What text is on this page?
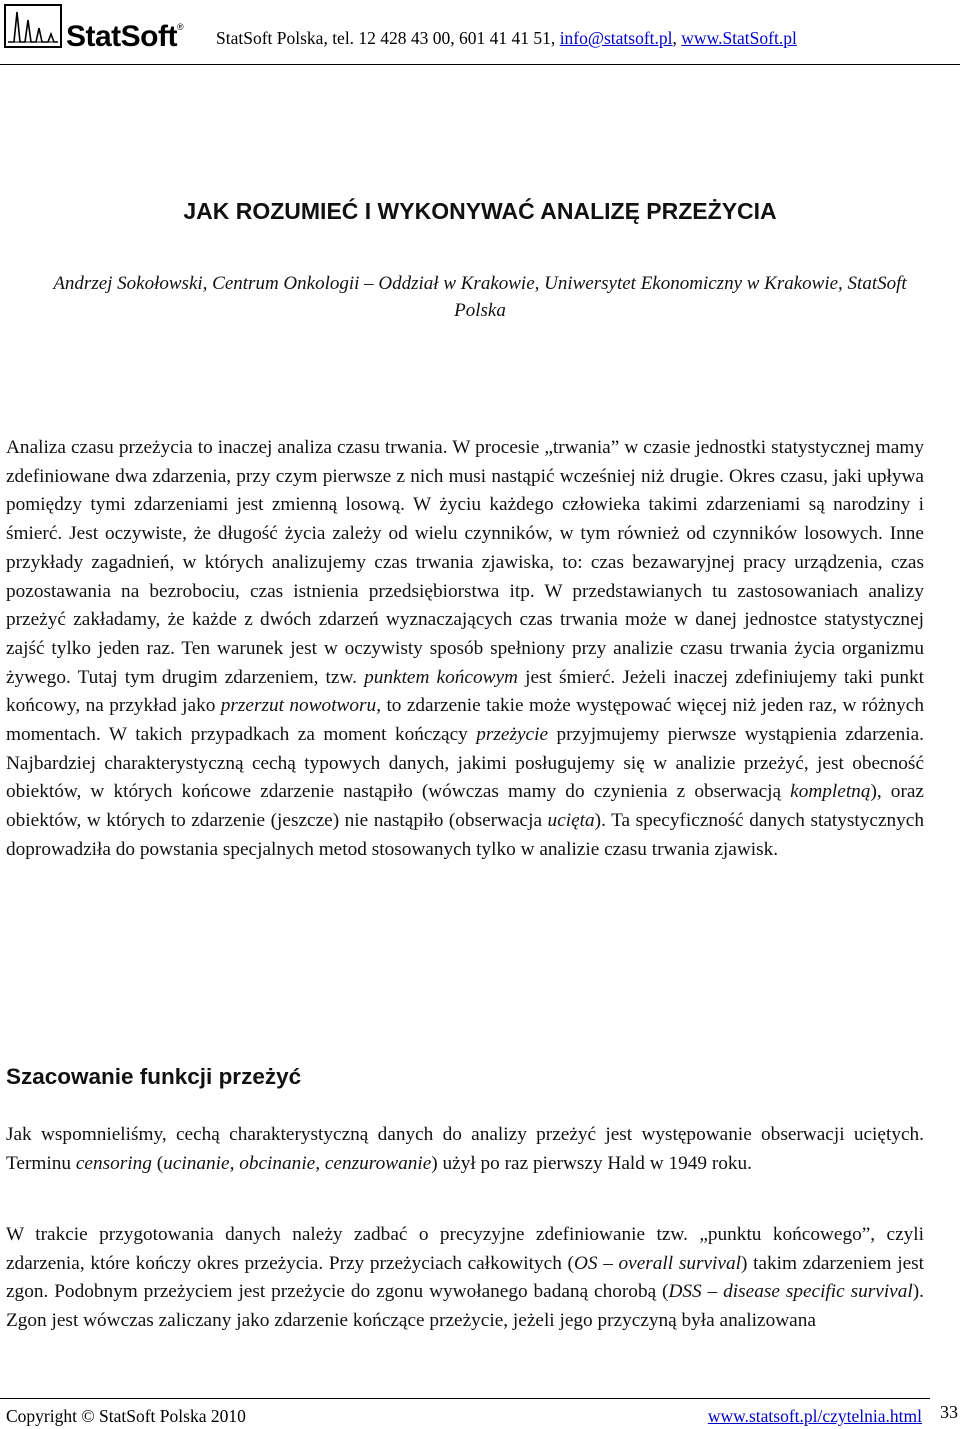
StatSoft®
StatSoft Polska, tel. 12 428 43 00, 601 41 41 51, info@statsoft.pl, www.StatSoft.pl
JAK ROZUMIEĆ I WYKONYWAĆ ANALIZĘ PRZEŻYCIA

Andrzej Sokołowski, Centrum Onkologii – Oddział w Krakowie, Uniwersytet Ekonomiczny w Krakowie, StatSoft Polska

Analiza czasu przeżycia to inaczej analiza czasu trwania. W procesie „trwania” w czasie jednostki statystycznej mamy zdefiniowane dwa zdarzenia, przy czym pierwsze z nich musi nastąpić wcześniej niż drugie. Okres czasu, jaki upływa pomiędzy tymi zdarzeniami jest zmienną losową. W życiu każdego człowieka takimi zdarzeniami są narodziny i śmierć. Jest oczywiste, że długość życia zależy od wielu czynników, w tym również od czynników losowych. Inne przykłady zagadnień, w których analizujemy czas trwania zjawiska, to: czas bezawaryjnej pracy urządzenia, czas pozostawania na bezrobociu, czas istnienia przedsiębiorstwa itp. W przedstawianych tu zastosowaniach analizy przeżyć zakładamy, że każde z dwóch zdarzeń wyznaczających czas trwania może w danej jednostce statystycznej zajść tylko jeden raz. Ten warunek jest w oczywisty sposób spełniony przy analizie czasu trwania życia organizmu żywego. Tutaj tym drugim zdarzeniem, tzw. punktem końcowym jest śmierć. Jeżeli inaczej zdefiniujemy taki punkt końcowy, na przykład jako przerzut nowotworu, to zdarzenie takie może występować więcej niż jeden raz, w różnych momentach. W takich przypadkach za moment kończący przeżycie przyjmujemy pierwsze wystąpienia zdarzenia. Najbardziej charakterystyczną cechą typowych danych, jakimi posługujemy się w analizie przeżyć, jest obecność obiektów, w których końcowe zdarzenie nastąpiło (wówczas mamy do czynienia z obserwacją kompletną), oraz obiektów, w których to zdarzenie (jeszcze) nie nastąpiło (obserwacja ucięta). Ta specyficzność danych statystycznych doprowadziła do powstania specjalnych metod stosowanych tylko w analizie czasu trwania zjawisk.

Szacowanie funkcji przeżyć

Jak wspomnieliśmy, cechą charakterystyczną danych do analizy przeżyć jest występowanie obserwacji uciętych. Terminu censoring (ucinanie, obcinanie, cenzurowanie) użył po raz pierwszy Hald w 1949 roku.

W trakcie przygotowania danych należy zadbać o precyzyjne zdefiniowanie tzw. „punktu końcowego”, czyli zdarzenia, które kończy okres przeżycia. Przy przeżyciach całkowitych (OS – overall survival) takim zdarzeniem jest zgon. Podobnym przeżyciem jest przeżycie do zgonu wywołanego badaną chorobą (DSS – disease specific survival). Zgon jest wówczas zaliczany jako zdarzenie kończące przeżycie, jeżeli jego przyczyną była analizowana

Copyright © StatSoft Polska 2010	www.statsoft.pl/czytelnia.html 33
